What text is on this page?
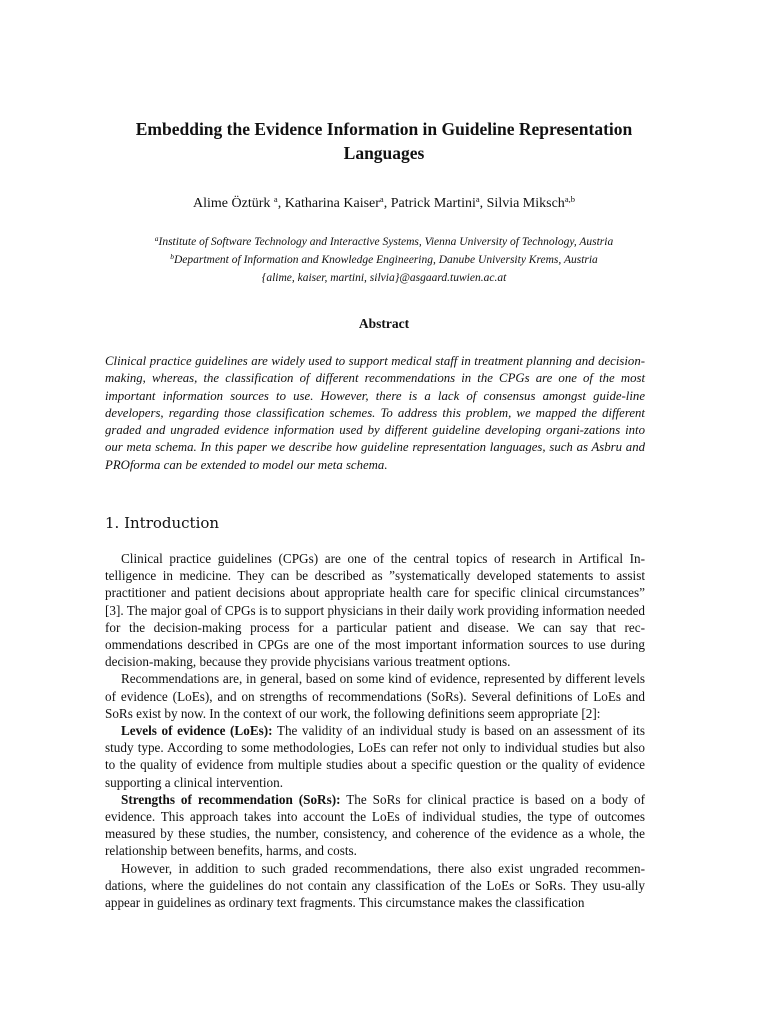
Embedding the Evidence Information in Guideline Representation Languages
Alime Öztürk $^a$, Katharina Kaiser$^a$, Patrick Martini$^a$, Silvia Miksch$^{a,b}$
$^a$Institute of Software Technology and Interactive Systems, Vienna University of Technology, Austria
$^b$Department of Information and Knowledge Engineering, Danube University Krems, Austria
{alime, kaiser, martini, silvia}@asgaard.tuwien.ac.at
Abstract
Clinical practice guidelines are widely used to support medical staff in treatment planning and decision-making, whereas, the classification of different recommendations in the CPGs are one of the most important information sources to use. However, there is a lack of consensus amongst guide-line developers, regarding those classification schemes. To address this problem, we mapped the different graded and ungraded evidence information used by different guideline developing organi-zations into our meta schema. In this paper we describe how guideline representation languages, such as Asbru and PROforma can be extended to model our meta schema.
1. Introduction

Clinical practice guidelines (CPGs) are one of the central topics of research in Artifical In-telligence in medicine. They can be described as ”systematically developed statements to assist practitioner and patient decisions about appropriate health care for specific clinical circumstances” [3]. The major goal of CPGs is to support physicians in their daily work providing information needed for the decision-making process for a particular patient and disease. We can say that rec-ommendations described in CPGs are one of the most important information sources to use during decision-making, because they provide phycisians various treatment options.

Recommendations are, in general, based on some kind of evidence, represented by different levels of evidence (LoEs), and on strengths of recommendations (SoRs). Several definitions of LoEs and SoRs exist by now. In the context of our work, the following definitions seem appropriate [2]:

Levels of evidence (LoEs): The validity of an individual study is based on an assessment of its study type. According to some methodologies, LoEs can refer not only to individual studies but also to the quality of evidence from multiple studies about a specific question or the quality of evidence supporting a clinical intervention.

Strengths of recommendation (SoRs): The SoRs for clinical practice is based on a body of evidence. This approach takes into account the LoEs of individual studies, the type of outcomes measured by these studies, the number, consistency, and coherence of the evidence as a whole, the relationship between benefits, harms, and costs.

However, in addition to such graded recommendations, there also exist ungraded recommen-dations, where the guidelines do not contain any classification of the LoEs or SoRs. They usu-ally appear in guidelines as ordinary text fragments. This circumstance makes the classification
